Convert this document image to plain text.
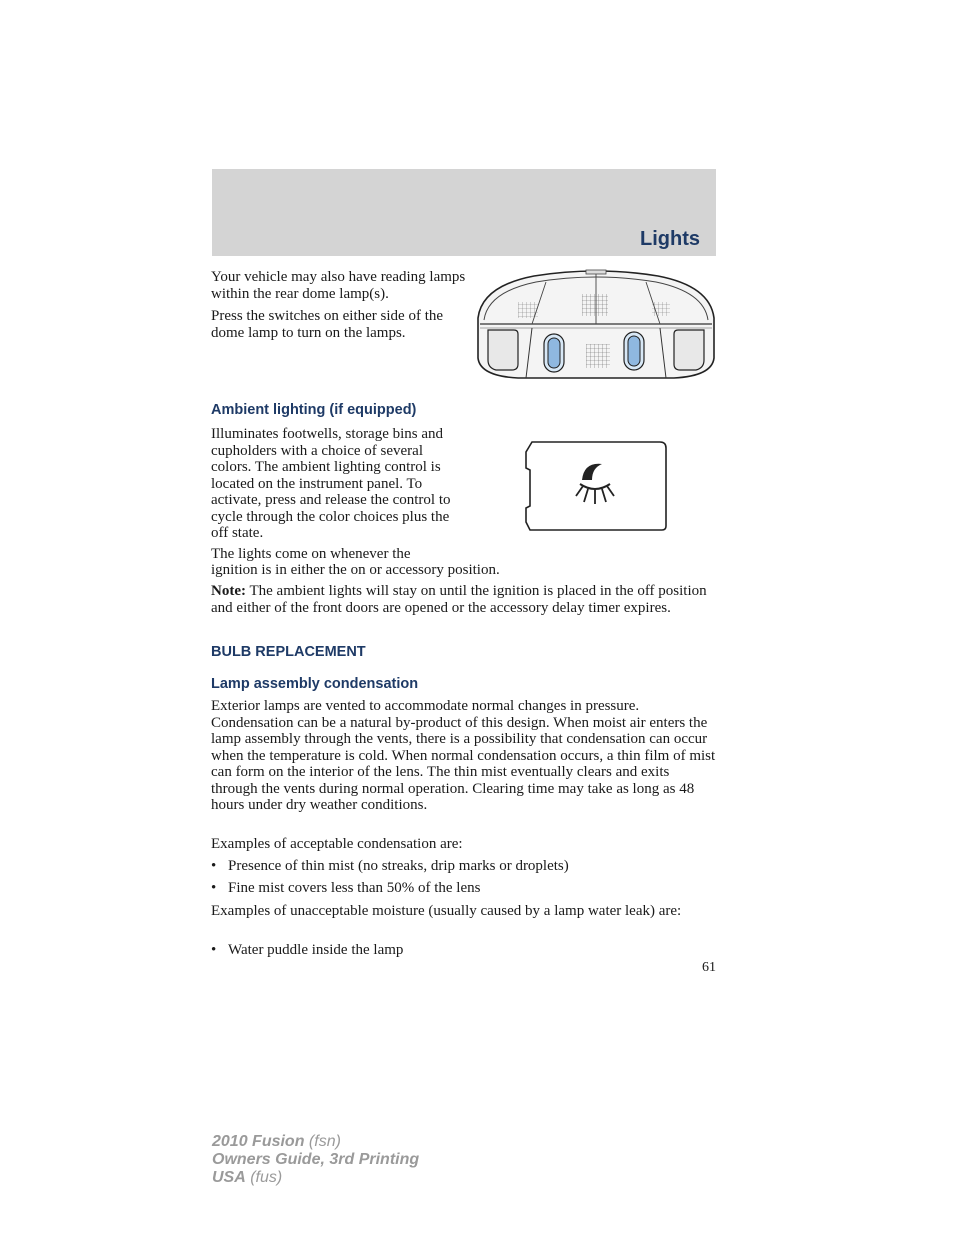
Lights

Your vehicle may also have reading lamps within the rear dome lamp(s).

Press the switches on either side of the dome lamp to turn on the lamps.

Ambient lighting (if equipped)

Illuminates footwells, storage bins and cupholders with a choice of several colors. The ambient lighting control is located on the instrument panel. To activate, press and release the control to cycle through the color choices plus the off state.

The lights come on whenever the

ignition is in either the on or accessory position.

Note: The ambient lights will stay on until the ignition is placed in the off position and either of the front doors are opened or the accessory delay timer expires.

BULB REPLACEMENT
Lamp assembly condensation

Exterior lamps are vented to accommodate normal changes in pressure. Condensation can be a natural by-product of this design. When moist air enters the lamp assembly through the vents, there is a possibility that condensation can occur when the temperature is cold. When normal condensation occurs, a thin film of mist can form on the interior of the lens. The thin mist eventually clears and exits through the vents during normal operation. Clearing time may take as long as 48 hours under dry weather conditions.

Examples of acceptable condensation are:

• Presence of thin mist (no streaks, drip marks or droplets)

• Fine mist covers less than 50% of the lens

Examples of unacceptable moisture (usually caused by a lamp water leak) are:

• Water puddle inside the lamp

61
2010 Fusion (fsn)
Owners Guide, 3rd Printing
USA (fus)
